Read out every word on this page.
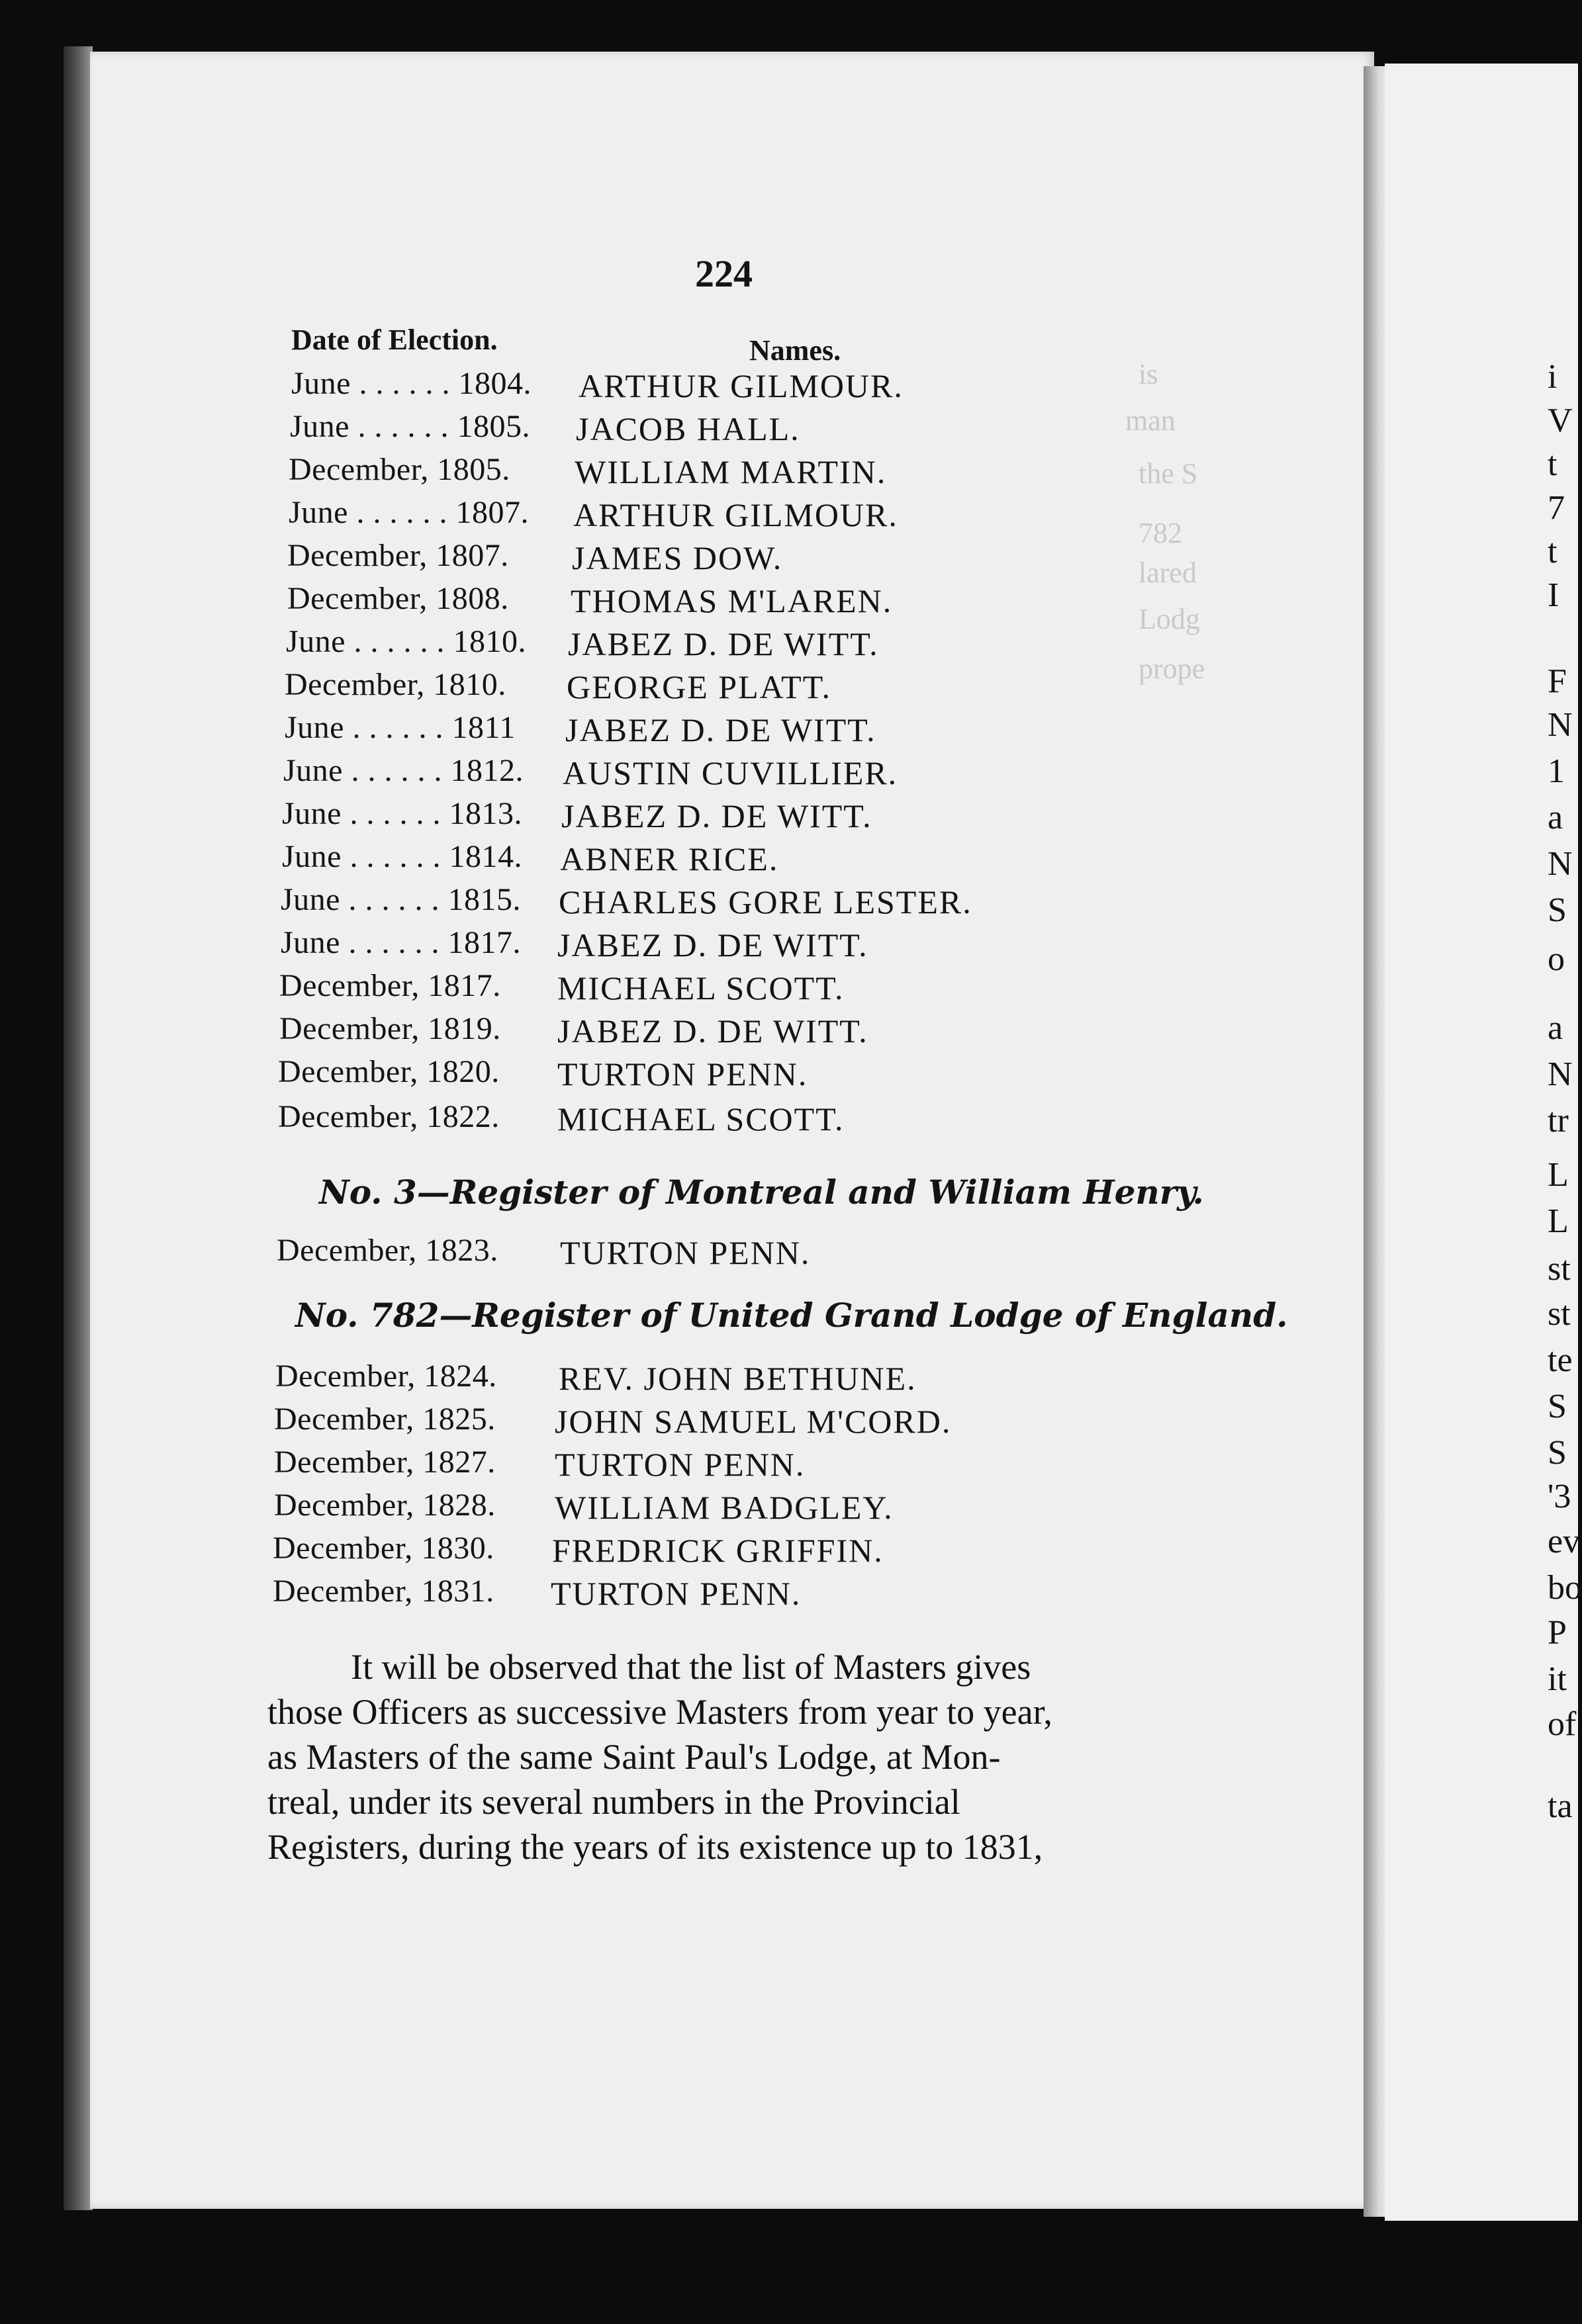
is
man
the S
782
lared
Lodg
prope
224
Date of Election.	Names.
June . . . . . . 1804. ARTHUR GILMOUR.
June . . . . . . 1805. JACOB HALL.
December, 1805. WILLIAM MARTIN.
June . . . . . . 1807. ARTHUR GILMOUR.
December, 1807. JAMES DOW.
December, 1808. THOMAS M'LAREN.
June . . . . . . 1810. JABEZ D. DE WITT.
December, 1810. GEORGE PLATT.
June . . . . . . 1811 JABEZ D. DE WITT.
June . . . . . . 1812. AUSTIN CUVILLIER.
June . . . . . . 1813. JABEZ D. DE WITT.
June . . . . . . 1814. ABNER RICE.
June . . . . . . 1815. CHARLES GORE LESTER.
June . . . . . . 1817. JABEZ D. DE WITT.
December, 1817. MICHAEL SCOTT.
December, 1819. JABEZ D. DE WITT.
December, 1820. TURTON PENN.
December, 1822. MICHAEL SCOTT.
No. 3—Register of Montreal and William Henry.
December, 1823. TURTON PENN.
No. 782—Register of United Grand Lodge of England.
December, 1824. REV. JOHN BETHUNE.
December, 1825. JOHN SAMUEL M'CORD.
December, 1827. TURTON PENN.
December, 1828. WILLIAM BADGLEY.
December, 1830. FREDRICK GRIFFIN.
December, 1831. TURTON PENN.
It will be observed that the list of Masters gives
those Officers as successive Masters from year to year,
as Masters of the same Saint Paul's Lodge, at Mon-
treal, under its several numbers in the Provincial
Registers, during the years of its existence up to 1831,
i
V
t
7
t
I
F
N
1
a
N
S
o
a
N
tr
L
L
st
st
te
S
S
'3
ev
bo
P
it
of
ta
